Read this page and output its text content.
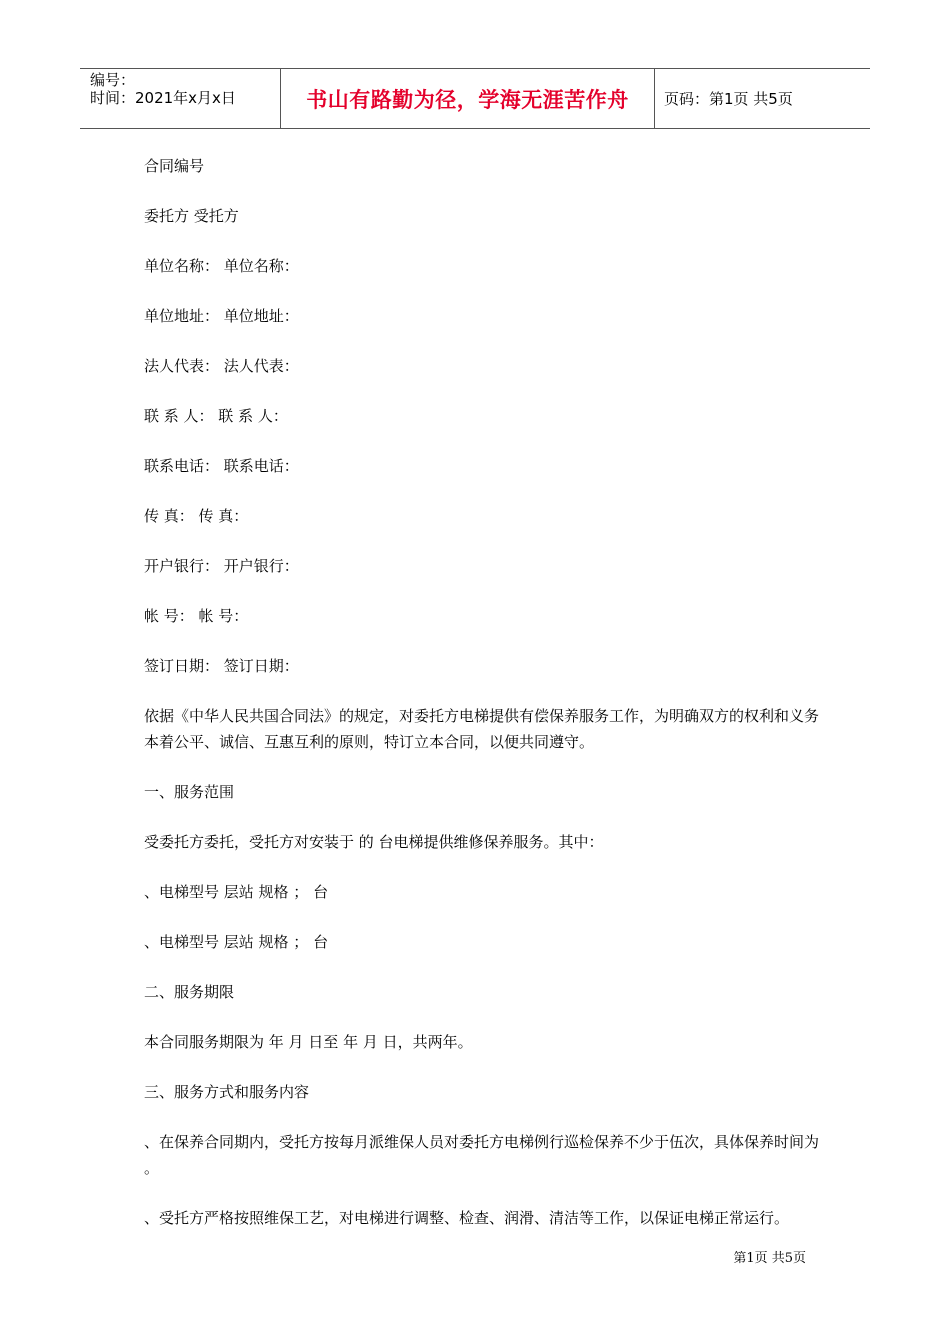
编号：
时间：2021年x月x日	书山有路勤为径，学海无涯苦作舟	页码：第1页 共5页

合同编号

委托方 受托方

单位名称： 单位名称：

单位地址： 单位地址：

法人代表： 法人代表：

联 系 人： 联 系 人：

联系电话： 联系电话：

传 真： 传 真：

开户银行： 开户银行：

帐 号： 帐 号：

签订日期： 签订日期：

依据《中华人民共国合同法》的规定，对委托方电梯提供有偿保养服务工作，为明确双方的权利和义务本着公平、诚信、互惠互利的原则，特订立本合同，以便共同遵守。

一、服务范围

受委托方委托，受托方对安装于 的 台电梯提供维修保养服务。其中：

、电梯型号 层站 规格 ； 台

、电梯型号 层站 规格 ； 台

二、服务期限

本合同服务期限为 年 月 日至 年 月 日，共两年。

三、服务方式和服务内容

、在保养合同期内，受托方按每月派维保人员对委托方电梯例行巡检保养不少于伍次，具体保养时间为 。

、受托方严格按照维保工艺，对电梯进行调整、检查、润滑、清洁等工作，以保证电梯正常运行。

第1页 共5页
